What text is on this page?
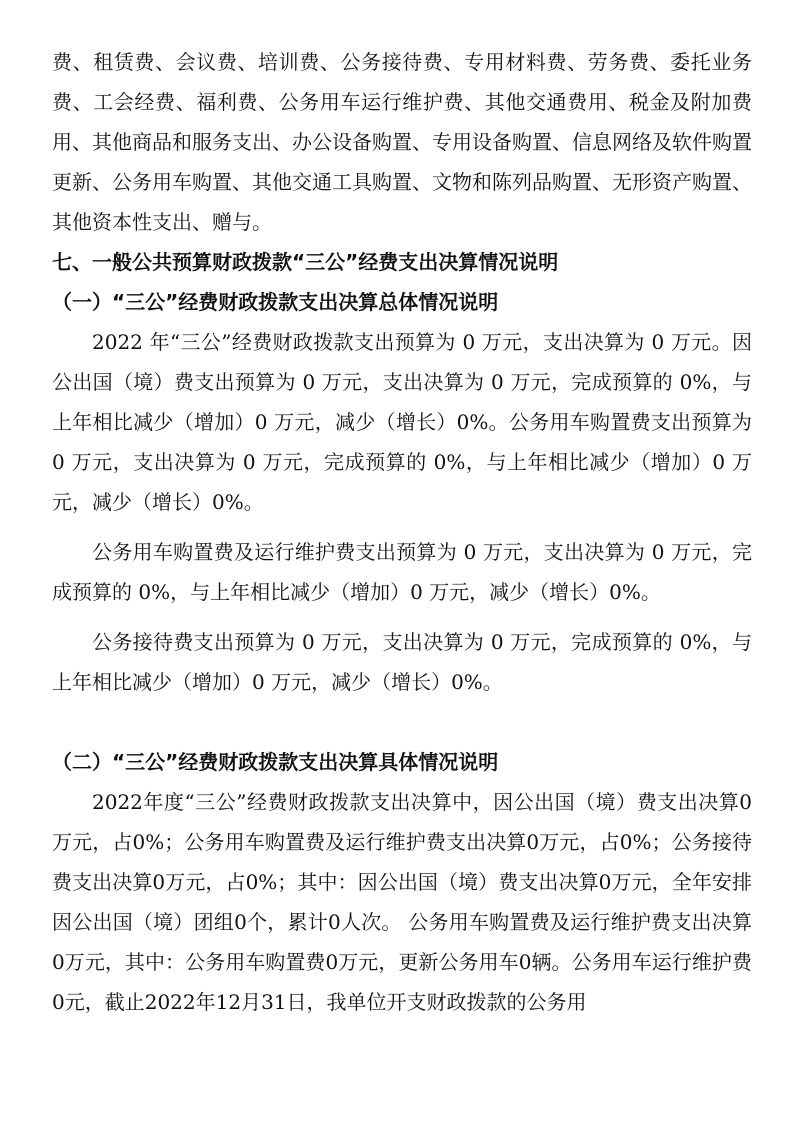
费、租赁费、会议费、培训费、公务接待费、专用材料费、劳务费、委托业务费、工会经费、福利费、公务用车运行维护费、其他交通费用、税金及附加费用、其他商品和服务支出、办公设备购置、专用设备购置、信息网络及软件购置更新、公务用车购置、其他交通工具购置、文物和陈列品购置、无形资产购置、其他资本性支出、赠与。

七、一般公共预算财政拨款“三公”经费支出决算情况说明
（一）“三公”经费财政拨款支出决算总体情况说明

2022 年“三公”经费财政拨款支出预算为 0 万元，支出决算为 0 万元。因公出国（境）费支出预算为 0 万元，支出决算为 0 万元，完成预算的 0%，与上年相比减少（增加）0 万元，减少（增长）0%。公务用车购置费支出预算为 0 万元，支出决算为 0 万元，完成预算的 0%，与上年相比减少（增加）0 万元，减少（增长）0%。

公务用车购置费及运行维护费支出预算为 0 万元，支出决算为 0 万元，完成预算的 0%，与上年相比减少（增加）0 万元，减少（增长）0%。

公务接待费支出预算为 0 万元，支出决算为 0 万元，完成预算的 0%，与上年相比减少（增加）0 万元，减少（增长）0%。

（二）“三公”经费财政拨款支出决算具体情况说明

2022年度“三公”经费财政拨款支出决算中，因公出国（境）费支出决算0万元，占0%；公务用车购置费及运行维护费支出决算0万元，占0%；公务接待费支出决算0万元，占0%；其中：因公出国（境）费支出决算0万元，全年安排因公出国（境）团组0个，累计0人次。 公务用车购置费及运行维护费支出决算0万元，其中：公务用车购置费0万元，更新公务用车0辆。公务用车运行维护费0元，截止2022年12月31日，我单位开支财政拨款的公务用
